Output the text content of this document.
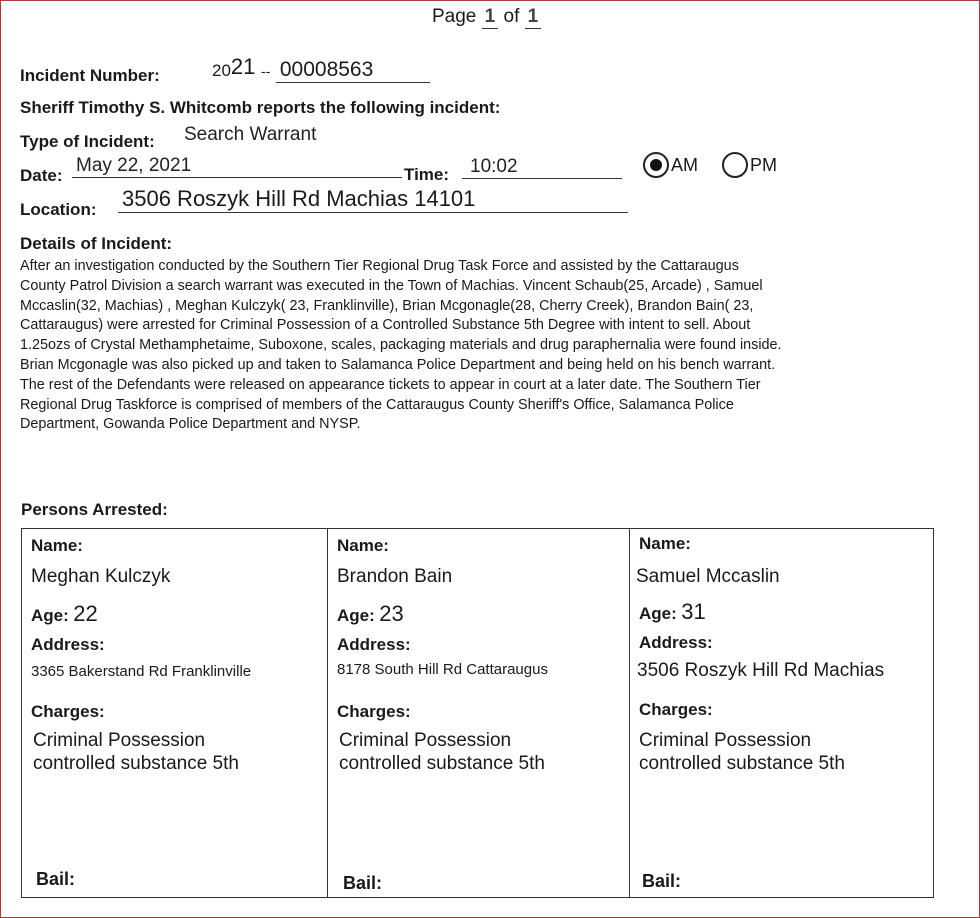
Page 1 of 1
Incident Number:	2021 -- 00008563
Sheriff Timothy S. Whitcomb reports the following incident:
Type of Incident: Search Warrant
Date: May 22, 2021	Time:	10:02	AM	PM
Location: 3506 Roszyk Hill Rd Machias 14101
Details of Incident:
After an investigation conducted by the Southern Tier Regional Drug Task Force and assisted by the Cattaraugus
County Patrol Division a search warrant was executed in the Town of Machias. Vincent Schaub(25, Arcade) , Samuel
Mccaslin(32, Machias) , Meghan Kulczyk( 23, Franklinville), Brian Mcgonagle(28, Cherry Creek), Brandon Bain( 23,
Cattaraugus) were arrested for Criminal Possession of a Controlled Substance 5th Degree with intent to sell. About
1.25ozs of Crystal Methamphetaime, Suboxone, scales, packaging materials and drug paraphernalia were found inside.
Brian Mcgonagle was also picked up and taken to Salamanca Police Department and being held on his bench warrant.
The rest of the Defendants were released on appearance tickets to appear in court at a later date. The Southern Tier
Regional Drug Taskforce is comprised of members of the Cattaraugus County Sheriff's Office, Salamanca Police
Department, Gowanda Police Department and NYSP.
Persons Arrested:
Name:
Meghan Kulczyk
Age: 22
Address:
3365 Bakerstand Rd Franklinville
Charges:
Criminal Possession
controlled substance 5th
Bail:
Name:
Brandon Bain
Age: 23
Address:
8178 South Hill Rd Cattaraugus
Charges:
Criminal Possession
controlled substance 5th
Bail:
Name:
Samuel Mccaslin
Age: 31
Address:
3506 Roszyk Hill Rd Machias
Charges:
Criminal Possession
controlled substance 5th
Bail:
